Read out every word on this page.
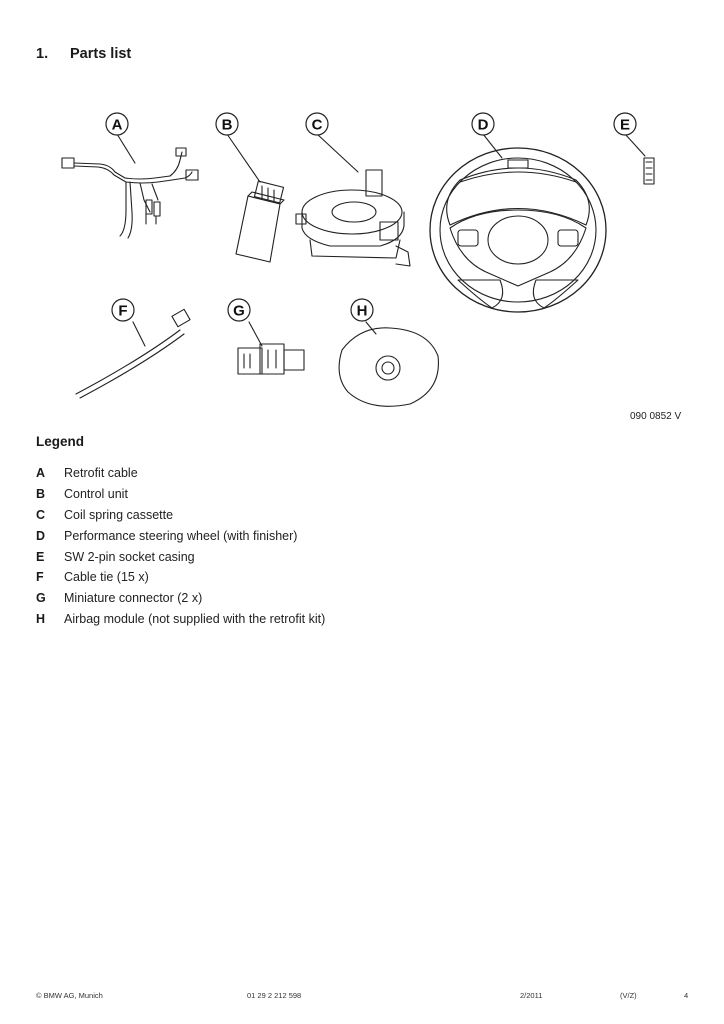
1. Parts list
A	B	C	D	E
F	G	H
090 0852 V
Legend
A	Retrofit cable
B	Control unit
C	Coil spring cassette
D	Performance steering wheel (with finisher)
E	SW 2-pin socket casing
F	Cable tie (15 x)
G	Miniature connector (2 x)
H	Airbag module (not supplied with the retrofit kit)
© BMW AG, Munich	01 29 2 212 598	2/2011	(V/Z)	4
